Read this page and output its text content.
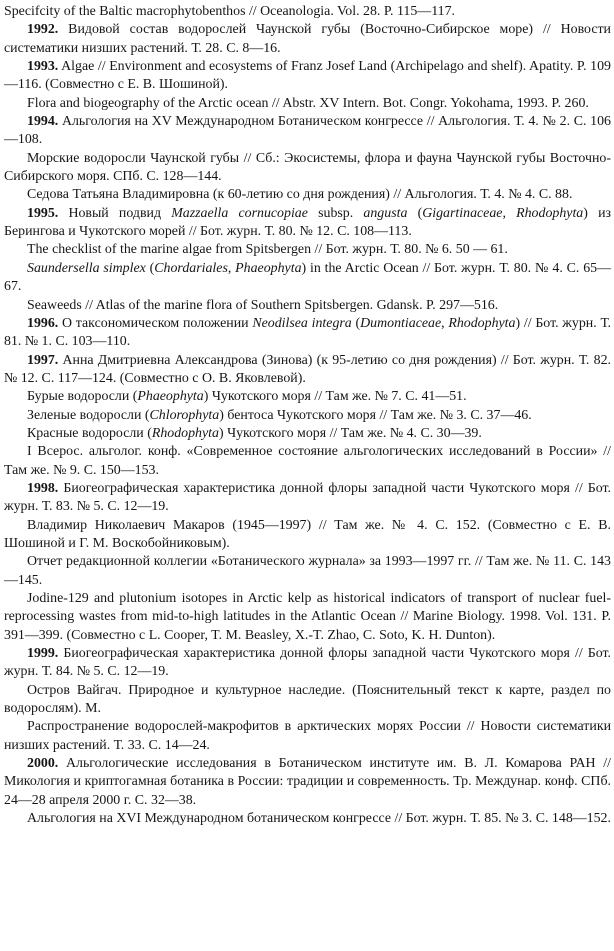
Specifcity of the Baltic macrophytobenthos // Oceanologia. Vol. 28. P. 115—117.

1992. Видовой состав водорослей Чаунской губы (Восточно-Сибирское море) // Новости систематики низших растений. Т. 28. С. 8—16.

1993. Algae // Environment and ecosystems of Franz Josef Land (Archipelago and shelf). Apatity. P. 109—116. (Совместно с Е. В. Шошиной).

Flora and biogeography of the Arctic ocean // Abstr. XV Intern. Bot. Congr. Yokohama, 1993. P. 260.

1994. Альгология на XV Международном Ботаническом конгрессе // Альгология. Т. 4. № 2. С. 106—108.

Морские водоросли Чаунской губы // Сб.: Экосистемы, флора и фауна Чаунской губы Восточно-Сибирского моря. СПб. С. 128—144.

Седова Татьяна Владимировна (к 60-летию со дня рождения) // Альгология. Т. 4. № 4. С. 88.

1995. Новый подвид Mazzaella cornucopiae subsp. angusta (Gigartinaceae, Rhodophyta) из Берингова и Чукотского морей // Бот. журн. Т. 80. № 12. С. 108—113.

The checklist of the marine algae from Spitsbergen // Бот. журн. Т. 80. № 6. 50 — 61.

Saundersella simplex (Chordariales, Phaeophyta) in the Arctic Ocean // Бот. журн. Т. 80. № 4. С. 65—67.

Seaweeds // Atlas of the marine flora of Southern Spitsbergen. Gdansk. P. 297—516.

1996. О таксономическом положении Neodilsea integra (Dumontiaceae, Rhodophyta) // Бот. журн. Т. 81. № 1. С. 103—110.

1997. Анна Дмитриевна Александрова (Зинова) (к 95-летию со дня рождения) // Бот. журн. Т. 82. № 12. С. 117—124. (Совместно с О. В. Яковлевой).

Бурые водоросли (Phaeophyta) Чукотского моря // Там же. № 7. С. 41—51.

Зеленые водоросли (Chlorophyta) бентоса Чукотского моря // Там же. № 3. С. 37—46.

Красные водоросли (Rhodophyta) Чукотского моря // Там же. № 4. С. 30—39.

I Всерос. альголог. конф. «Современное состояние альгологических исследований в России» // Там же. № 9. С. 150—153.

1998. Биогеографическая характеристика донной флоры западной части Чукотского моря // Бот. журн. Т. 83. № 5. С. 12—19.

Владимир Николаевич Макаров (1945—1997) // Там же. № 4. С. 152. (Совместно с Е. В. Шошиной и Г. М. Воскобойниковым).

Отчет редакционной коллегии «Ботанического журнала» за 1993—1997 гг. // Там же. № 11. С. 143—145.

Jodine-129 and plutonium isotopes in Arctic kelp as historical indicators of transport of nuclear fuel-reprocessing wastes from mid-to-high latitudes in the Atlantic Ocean // Marine Biology. 1998. Vol. 131. P. 391—399. (Совместно с L. Cooper, T. M. Beasley, X.-T. Zhao, C. Soto, K. H. Dunton).

1999. Биогеографическая характеристика донной флоры западной части Чукотского моря // Бот. журн. Т. 84. № 5. С. 12—19.

Остров Вайгач. Природное и культурное наследие. (Пояснительный текст к карте, раздел по водорослям). М.

Распространение водорослей-макрофитов в арктических морях России // Новости систематики низших растений. Т. 33. С. 14—24.

2000. Альгологические исследования в Ботаническом институте им. В. Л. Комарова РАН // Микология и криптогамная ботаника в России: традиции и современность. Тр. Междунар. конф. СПб. 24—28 апреля 2000 г. С. 32—38.

Альгология на XVI Международном ботаническом конгрессе // Бот. журн. Т. 85. № 3. С. 148—152.
